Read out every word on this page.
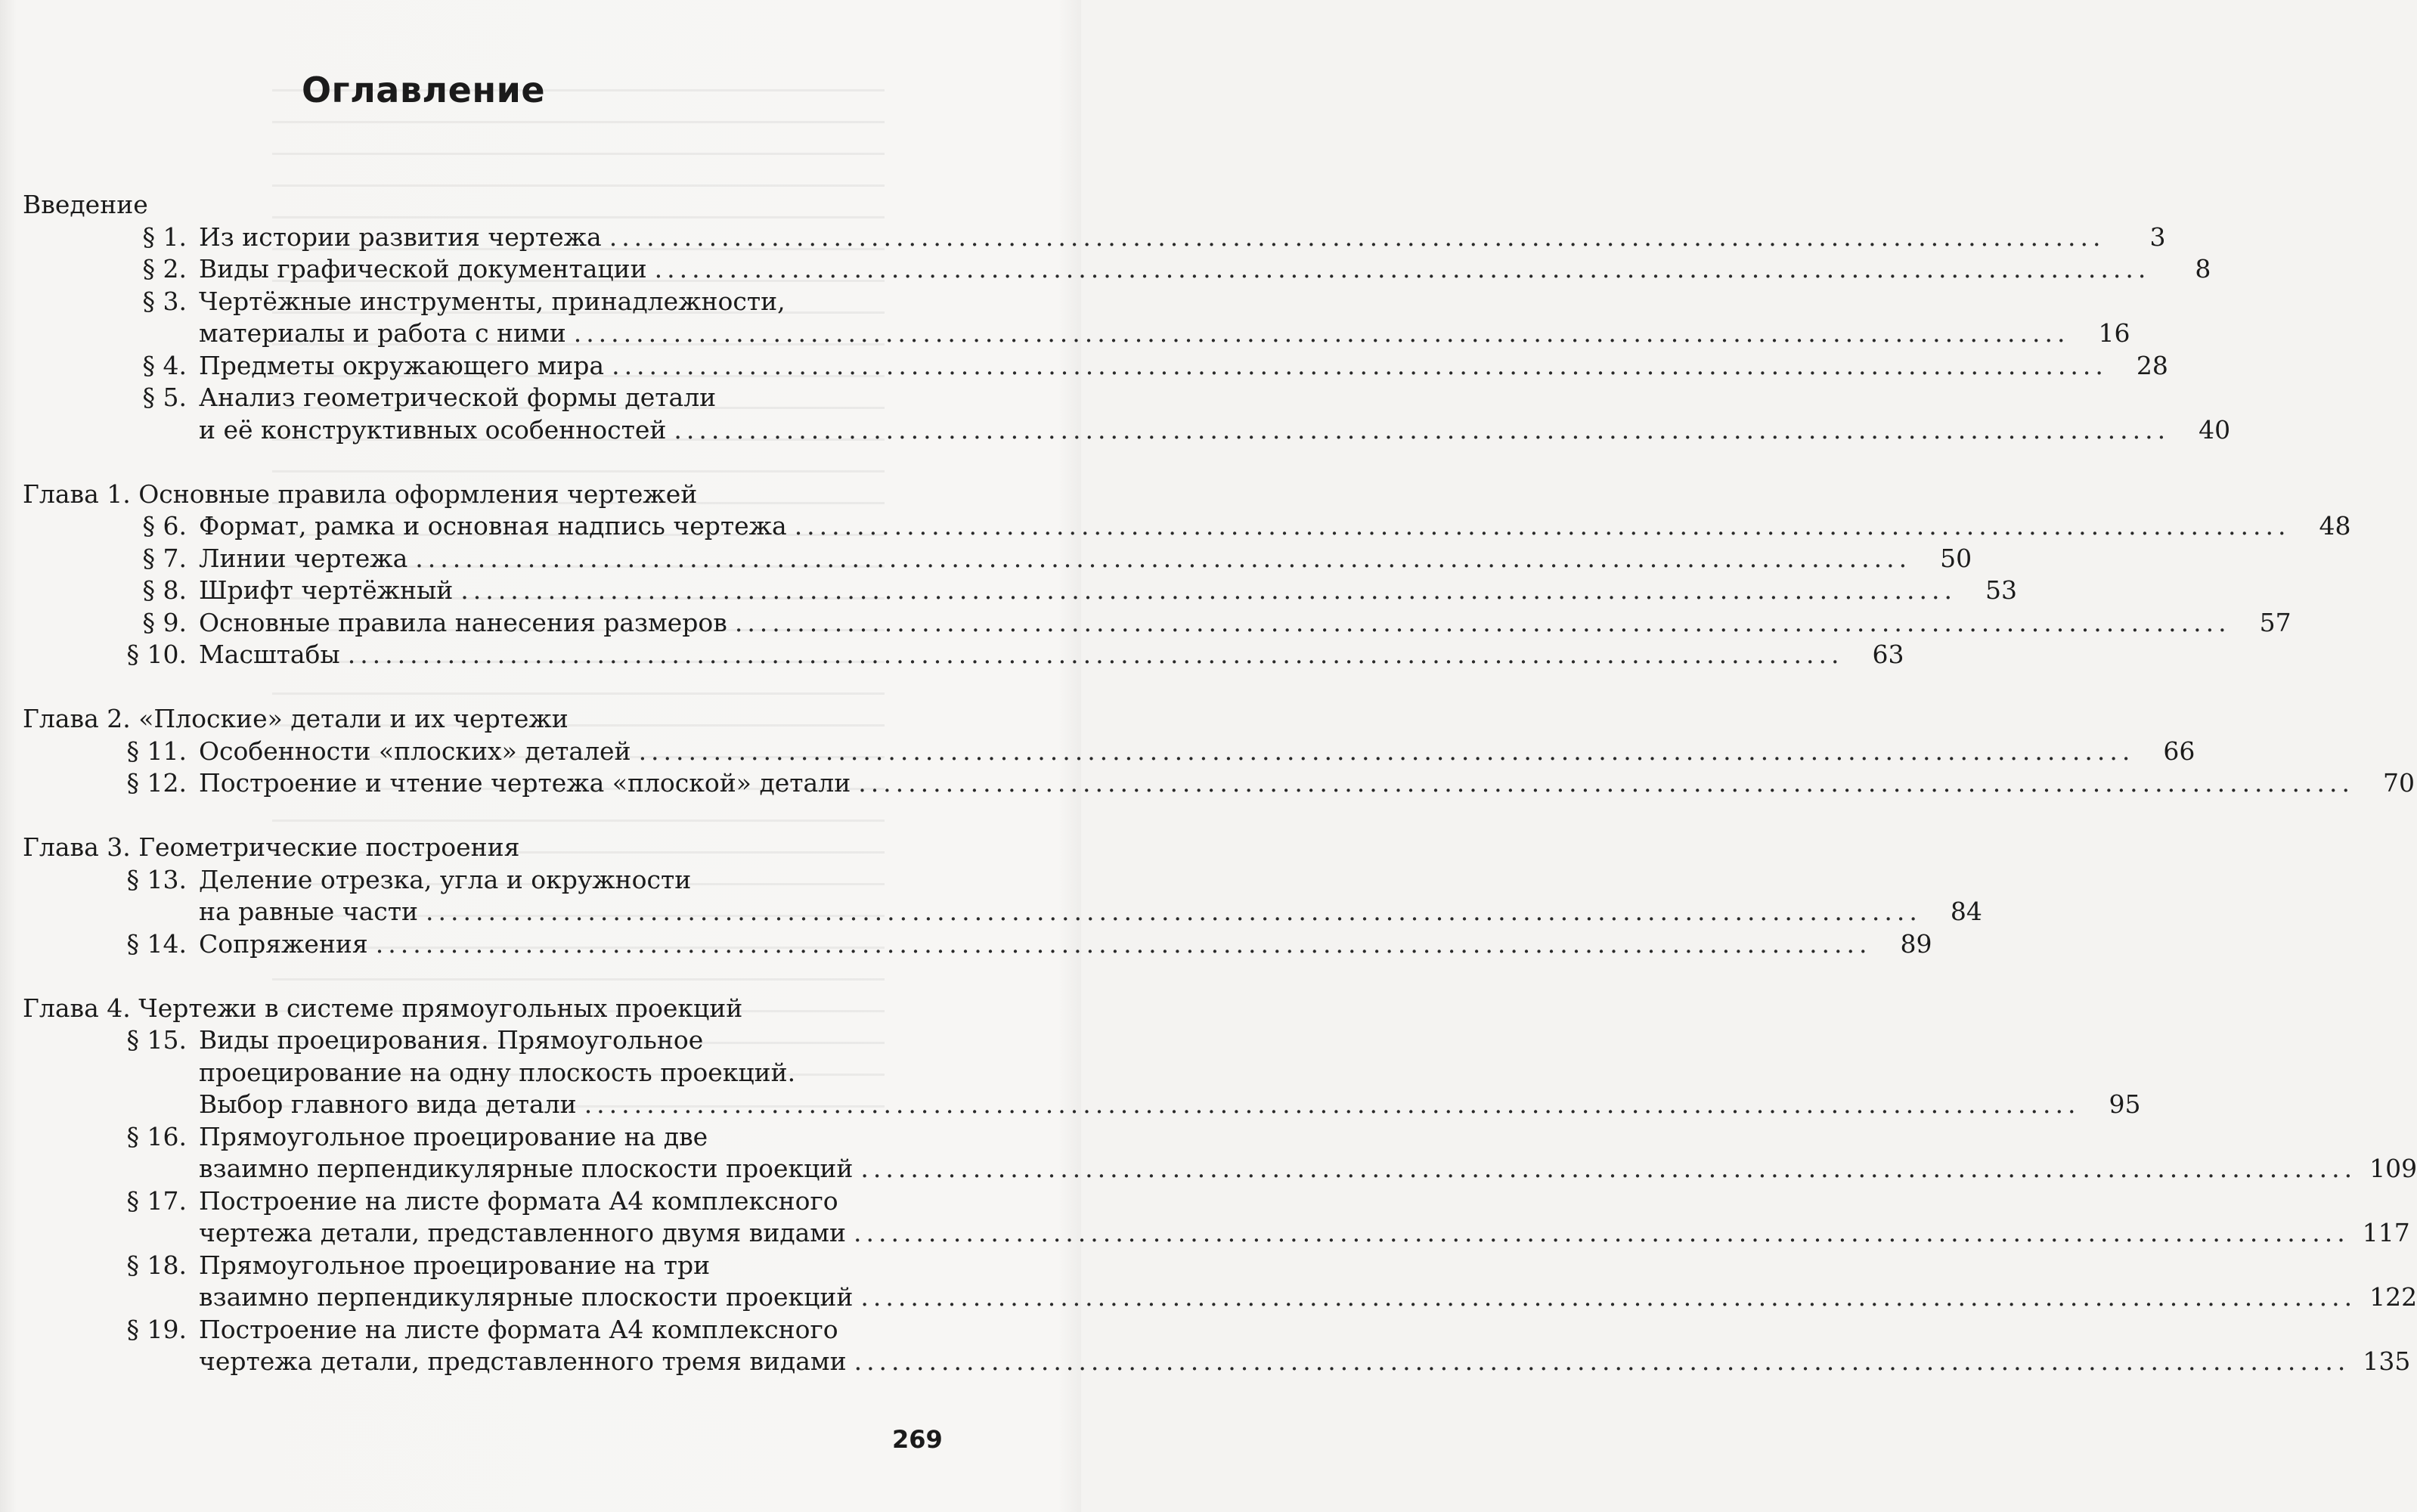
Оглавление
Введение
§ 1. Из истории развития чертежа ........................................................................................................................	3
§ 2. Виды графической документации ........................................................................................................................	8
§ 3. Чертёжные инструменты, принадлежности,
материалы и работа с ними ........................................................................................................................	16
§ 4. Предметы окружающего мира ........................................................................................................................	28
§ 5. Анализ геометрической формы детали
и её конструктивных особенностей ........................................................................................................................	40
Глава 1. Основные правила оформления чертежей
§ 6. Формат, рамка и основная надпись чертежа ........................................................................................................................	48
§ 7. Линии чертежа ........................................................................................................................	50
§ 8. Шрифт чертёжный ........................................................................................................................	53
§ 9. Основные правила нанесения размеров ........................................................................................................................	57
§ 10. Масштабы ........................................................................................................................	63
Глава 2. «Плоские» детали и их чертежи
§ 11. Особенности «плоских» деталей ........................................................................................................................	66
§ 12. Построение и чтение чертежа «плоской» детали ........................................................................................................................	70
Глава 3. Геометрические построения
§ 13. Деление отрезка, угла и окружности
на равные части ........................................................................................................................	84
§ 14. Сопряжения ........................................................................................................................	89
Глава 4. Чертежи в системе прямоугольных проекций
§ 15. Виды проецирования. Прямоугольное
проецирование на одну плоскость проекций.
Выбор главного вида детали ........................................................................................................................	95
§ 16. Прямоугольное проецирование на две
взаимно перпендикулярные плоскости проекций ........................................................................................................................ 109
§ 17. Построение на листе формата А4 комплексного
чертежа детали, представленного двумя видами ........................................................................................................................ 117
§ 18. Прямоугольное проецирование на три
взаимно перпендикулярные плоскости проекций ........................................................................................................................ 122
§ 19. Построение на листе формата А4 комплексного
чертежа детали, представленного тремя видами ........................................................................................................................ 135
269
